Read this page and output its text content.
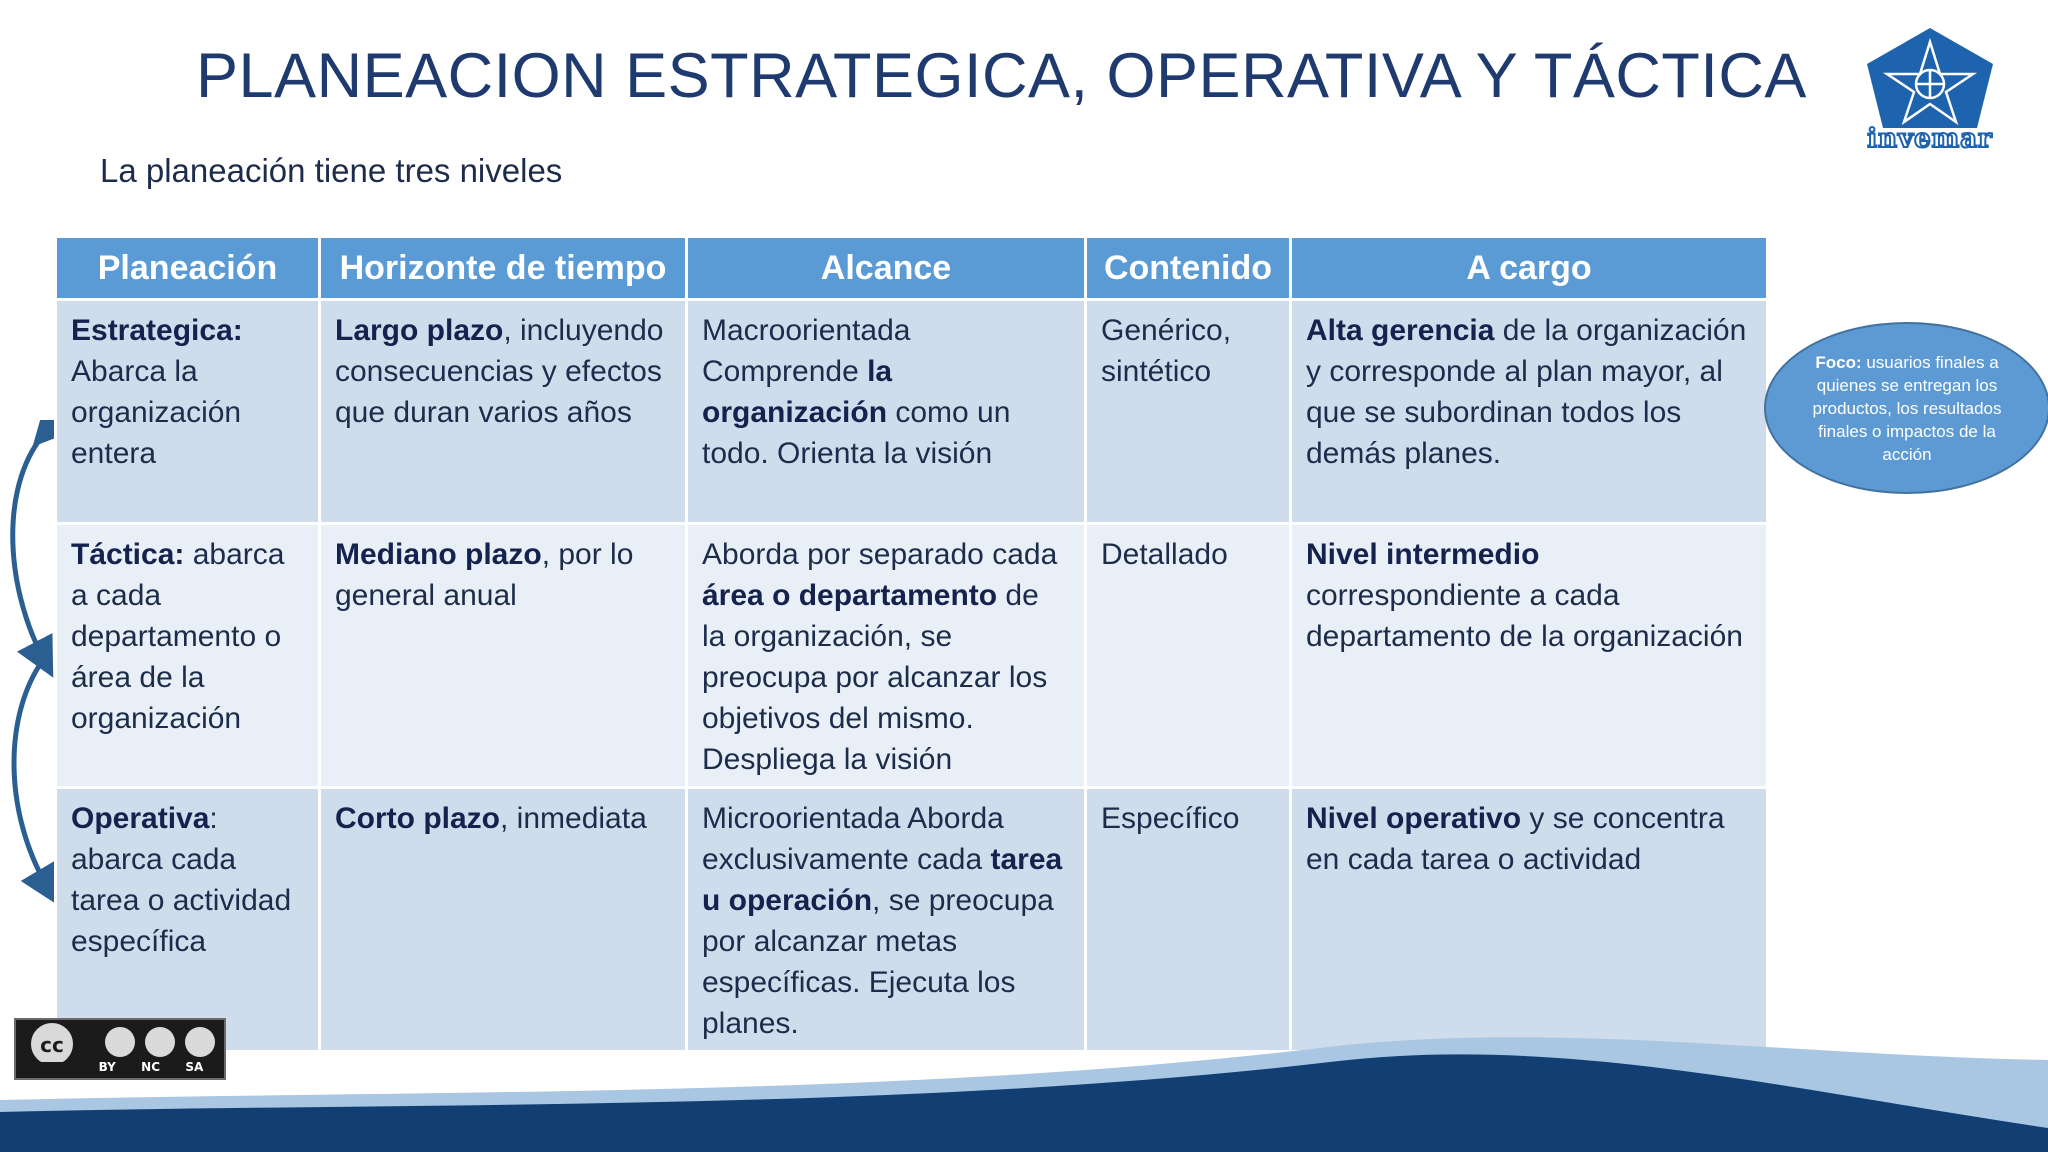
PLANEACION ESTRATEGICA, OPERATIVA Y TÁCTICA
La planeación tiene tres niveles
invemar
Planeación	Horizonte de tiempo	Alcance	Contenido	A cargo
Estrategica: Abarca la organización entera	Largo plazo, incluyendo consecuencias y efectos que duran varios años	Macroorientada Comprende la organización como un todo. Orienta la visión	Genérico, sintético	Alta gerencia de la organización y corresponde al plan mayor, al que se subordinan todos los demás planes.
Táctica: abarca a cada departamento o área de la organización	Mediano plazo, por lo general anual	Aborda por separado cada área o departamento de la organización, se preocupa por alcanzar los objetivos del mismo. Despliega la visión	Detallado	Nivel intermedio correspondiente a cada departamento de la organización
Operativa: abarca cada tarea o actividad específica	Corto plazo, inmediata	Microorientada Aborda exclusivamente cada tarea u operación, se preocupa por alcanzar metas específicas. Ejecuta los planes.	Específico	Nivel operativo y se concentra en cada tarea o actividad
Foco: usuarios finales a quienes se entregan los productos, los resultados finales o impactos de la acción
cc
BY NC SA
